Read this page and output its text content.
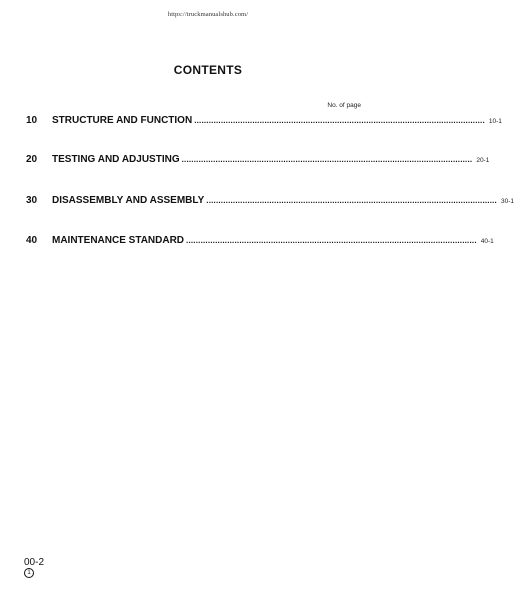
https://truckmanualshub.com/
CONTENTS
No. of page
10	STRUCTURE AND FUNCTION ........................................................................................................................ 10-1
20	TESTING AND ADJUSTING ........................................................................................................................ 20-1
30	DISASSEMBLY AND ASSEMBLY ........................................................................................................................ 30-1
40	MAINTENANCE STANDARD ........................................................................................................................ 40-1
00-2
1
